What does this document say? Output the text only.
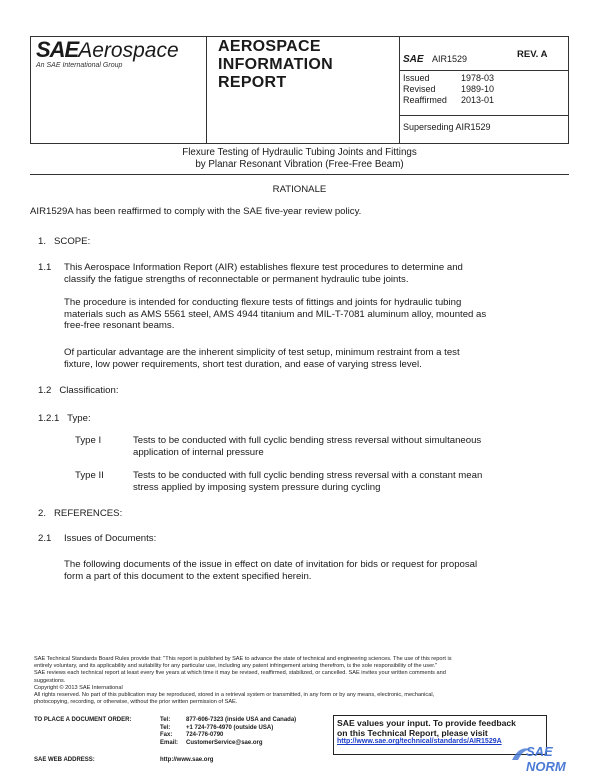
SAEAerospace
An SAE International Group
AEROSPACE
INFORMATION
REPORT
SAE AIR1529	REV. A
Issued	1978-03
Revised	1989-10
Reaffirmed 2013-01
Superseding AIR1529
Flexure Testing of Hydraulic Tubing Joints and Fittings
by Planar Resonant Vibration (Free-Free Beam)
RATIONALE
AIR1529A has been reaffirmed to comply with the SAE five-year review policy.
1.   SCOPE:
1.1 This Aerospace Information Report (AIR) establishes flexure test procedures to determine and
classify the fatigue strengths of reconnectable or permanent hydraulic tube joints.
The procedure is intended for conducting flexure tests of fittings and joints for hydraulic tubing
materials such as AMS 5561 steel, AMS 4944 titanium and MIL-T-7081 aluminum alloy, mounted as
free-free resonant beams.
Of particular advantage are the inherent simplicity of test setup, minimum restraint from a test
fixture, low power requirements, short test duration, and ease of varying stress level.
1.2   Classification:
1.2.1   Type:
Type I	Tests to be conducted with full cyclic bending stress reversal without simultaneous
application of internal pressure
Type II	Tests to be conducted with full cyclic bending stress reversal with a constant mean
stress applied by imposing system pressure during cycling
2.   REFERENCES:
2.1 Issues of Documents:
The following documents of the issue in effect on date of invitation for bids or request for proposal
form a part of this document to the extent specified herein.
SAE Technical Standards Board Rules provide that: "This report is published by SAE to advance the state of technical and engineering sciences. The use of this report is
entirely voluntary, and its applicability and suitability for any particular use, including any patent infringement arising therefrom, is the sole responsibility of the user."
SAE reviews each technical report at least every five years at which time it may be revised, reaffirmed, stabilized, or cancelled. SAE invites your written comments and
suggestions.
Copyright © 2013 SAE International
All rights reserved. No part of this publication may be reproduced, stored in a retrieval system or transmitted, in any form or by any means, electronic, mechanical,
photocopying, recording, or otherwise, without the prior written permission of SAE.
TO PLACE A DOCUMENT ORDER:	Tel:	877-606-7323 (inside USA and Canada)
Tel:	+1 724-776-4970 (outside USA)
Fax: 724-776-0790
Email: CustomerService@sae.org
SAE WEB ADDRESS:	http://www.sae.org
SAE values your input. To provide feedback
on this Technical Report, please visit
http://www.sae.org/technical/standards/AIR1529A
SAE NORM
